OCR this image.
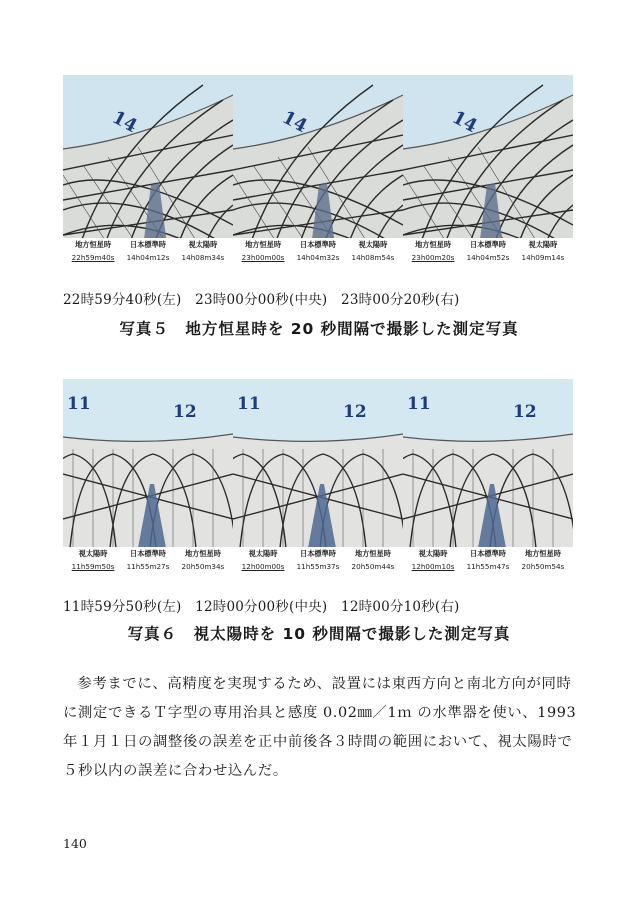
14
地方恒星時	日本標準時	視太陽時
22h59m40s	14h04m12s	14h08m34s
14
地方恒星時	日本標準時	視太陽時
23h00m00s	14h04m32s	14h08m54s
14
地方恒星時	日本標準時	視太陽時
23h00m20s	14h04m52s	14h09m14s
22時59分40秒(左)　23時00分00秒(中央)　23時00分20秒(右)
写真５　地方恒星時を 20 秒間隔で撮影した測定写真
11	12
視太陽時	日本標準時	地方恒星時
11h59m50s	11h55m27s	20h50m34s
11	12
視太陽時	日本標準時	地方恒星時
12h00m00s	11h55m37s	20h50m44s
11	12
視太陽時	日本標準時	地方恒星時
12h00m10s	11h55m47s	20h50m54s
11時59分50秒(左)　12時00分00秒(中央)　12時00分10秒(右)
写真６　視太陽時を 10 秒間隔で撮影した測定写真

参考までに、高精度を実現するため、設置には東西方向と南北方向が同時に測定できるＴ字型の専用治具と感度 0.02㎜／1ｍ の水準器を使い、1993 年１月１日の調整後の誤差を正中前後各３時間の範囲において、視太陽時で５秒以内の誤差に合わせ込んだ。

140
